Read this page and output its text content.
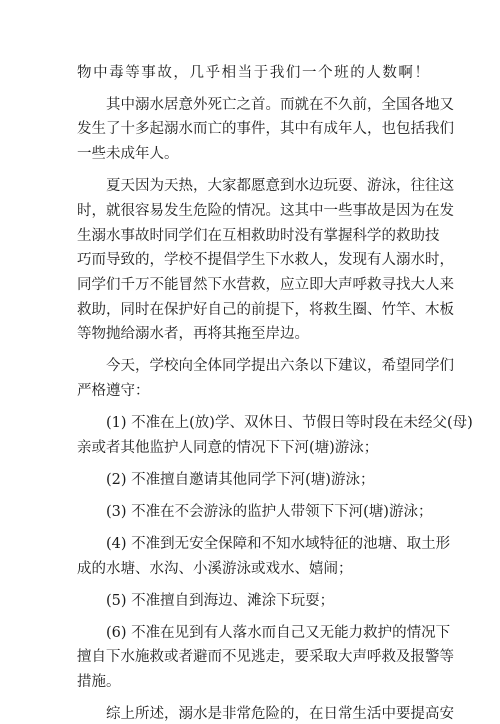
物中毒等事故，几乎相当于我们一个班的人数啊！
其中溺水居意外死亡之首。而就在不久前，全国各地又
发生了十多起溺水而亡的事件，其中有成年人，也包括我们
一些未成年人。
夏天因为天热，大家都愿意到水边玩耍、游泳，往往这
时，就很容易发生危险的情况。这其中一些事故是因为在发
生溺水事故时同学们在互相救助时没有掌握科学的救助技
巧而导致的，学校不提倡学生下水救人，发现有人溺水时，
同学们千万不能冒然下水营救，应立即大声呼救寻找大人来
救助，同时在保护好自己的前提下，将救生圈、竹竿、木板
等物抛给溺水者，再将其拖至岸边。
今天，学校向全体同学提出六条以下建议，希望同学们
严格遵守：
(1) 不准在上(放)学、双休日、节假日等时段在未经父(母)
亲或者其他监护人同意的情况下下河(塘)游泳；
(2) 不准擅自邀请其他同学下河(塘)游泳；
(3) 不准在不会游泳的监护人带领下下河(塘)游泳；
(4) 不准到无安全保障和不知水域特征的池塘、取土形
成的水塘、水沟、小溪游泳或戏水、嬉闹；
(5) 不准擅自到海边、滩涂下玩耍；
(6) 不准在见到有人落水而自己又无能力救护的情况下
擅自下水施救或者避而不见逃走，要采取大声呼救及报警等
措施。
综上所述，溺水是非常危险的，在日常生活中要提高安
